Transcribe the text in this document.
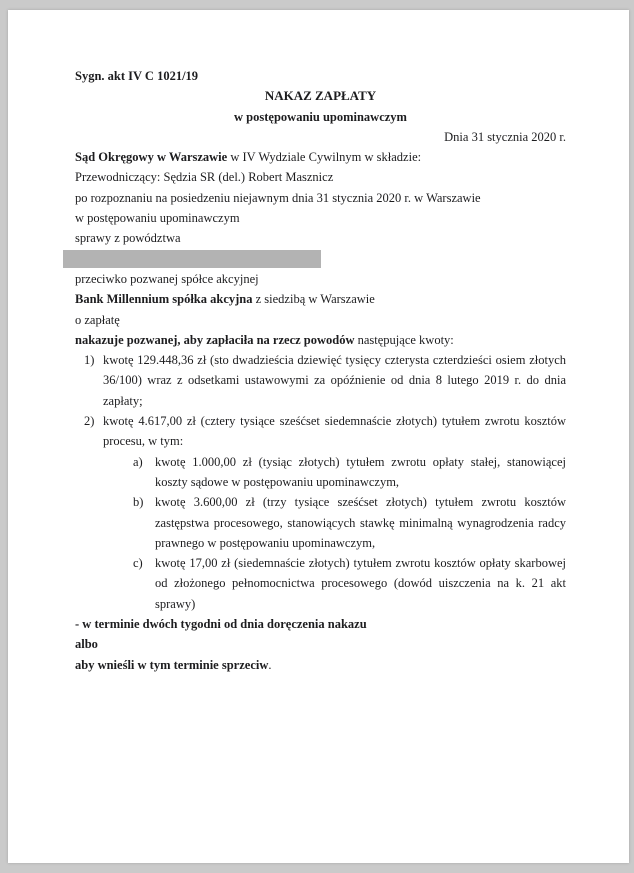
Sygn. akt IV C 1021/19
NAKAZ ZAPŁATY
w postępowaniu upominawczym
Dnia 31 stycznia 2020 r.
Sąd Okręgowy w Warszawie w IV Wydziale Cywilnym w składzie:
Przewodniczący: Sędzia SR (del.) Robert Masznicz
po rozpoznaniu na posiedzeniu niejawnym dnia 31 stycznia 2020 r. w Warszawie
w postępowaniu upominawczym
sprawy z powództwa
przeciwko pozwanej spółce akcyjnej
Bank Millennium spółka akcyjna z siedzibą w Warszawie
o zapłatę
nakazuje pozwanej, aby zapłaciła na rzecz powodów następujące kwoty:
1) kwotę 129.448,36 zł (sto dwadzieścia dziewięć tysięcy czterysta czterdzieści osiem złotych 36/100) wraz z odsetkami ustawowymi za opóźnienie od dnia 8 lutego 2019 r. do dnia zapłaty;
2) kwotę 4.617,00 zł (cztery tysiące sześćset siedemnaście złotych) tytułem zwrotu kosztów procesu, w tym:
a) kwotę 1.000,00 zł (tysiąc złotych) tytułem zwrotu opłaty stałej, stanowiącej koszty sądowe w postępowaniu upominawczym,
b) kwotę 3.600,00 zł (trzy tysiące sześćset złotych) tytułem zwrotu kosztów zastępstwa procesowego, stanowiących stawkę minimalną wynagrodzenia radcy prawnego w postępowaniu upominawczym,
c) kwotę 17,00 zł (siedemnaście złotych) tytułem zwrotu kosztów opłaty skarbowej od złożonego pełnomocnictwa procesowego (dowód uiszczenia na k. 21 akt sprawy)
- w terminie dwóch tygodni od dnia doręczenia nakazu
albo
aby wnieśli w tym terminie sprzeciw.
